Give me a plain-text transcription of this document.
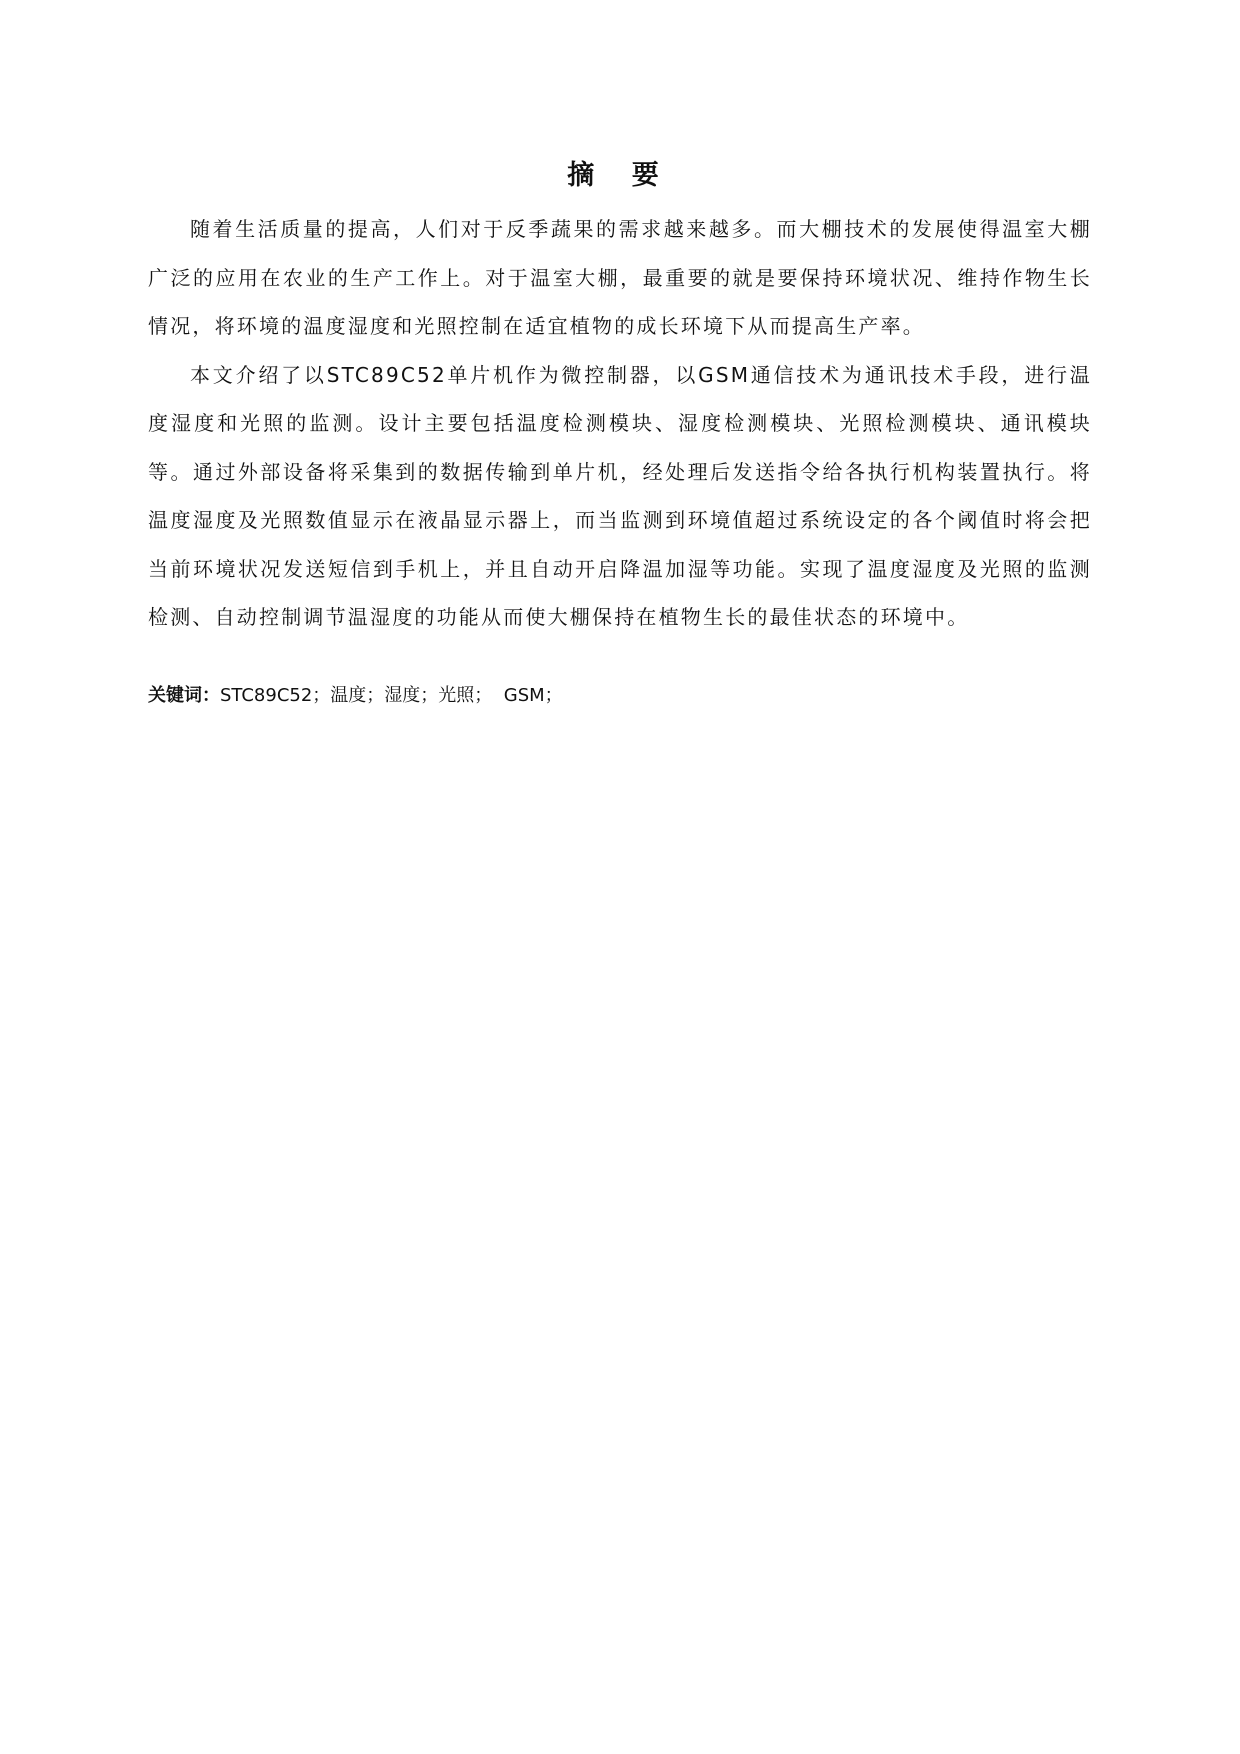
摘 要

随着生活质量的提高，人们对于反季蔬果的需求越来越多。而大棚技术的发展使得温室大棚广泛的应用在农业的生产工作上。对于温室大棚，最重要的就是要保持环境状况、维持作物生长情况，将环境的温度湿度和光照控制在适宜植物的成长环境下从而提高生产率。

本文介绍了以STC89C52单片机作为微控制器，以GSM通信技术为通讯技术手段，进行温度湿度和光照的监测。设计主要包括温度检测模块、湿度检测模块、光照检测模块、通讯模块等。通过外部设备将采集到的数据传输到单片机，经处理后发送指令给各执行机构装置执行。将温度湿度及光照数值显示在液晶显示器上，而当监测到环境值超过系统设定的各个阈值时将会把当前环境状况发送短信到手机上，并且自动开启降温加湿等功能。实现了温度湿度及光照的监测检测、自动控制调节温湿度的功能从而使大棚保持在植物生长的最佳状态的环境中。

关键词：STC89C52；温度；湿度；光照；  GSM；
